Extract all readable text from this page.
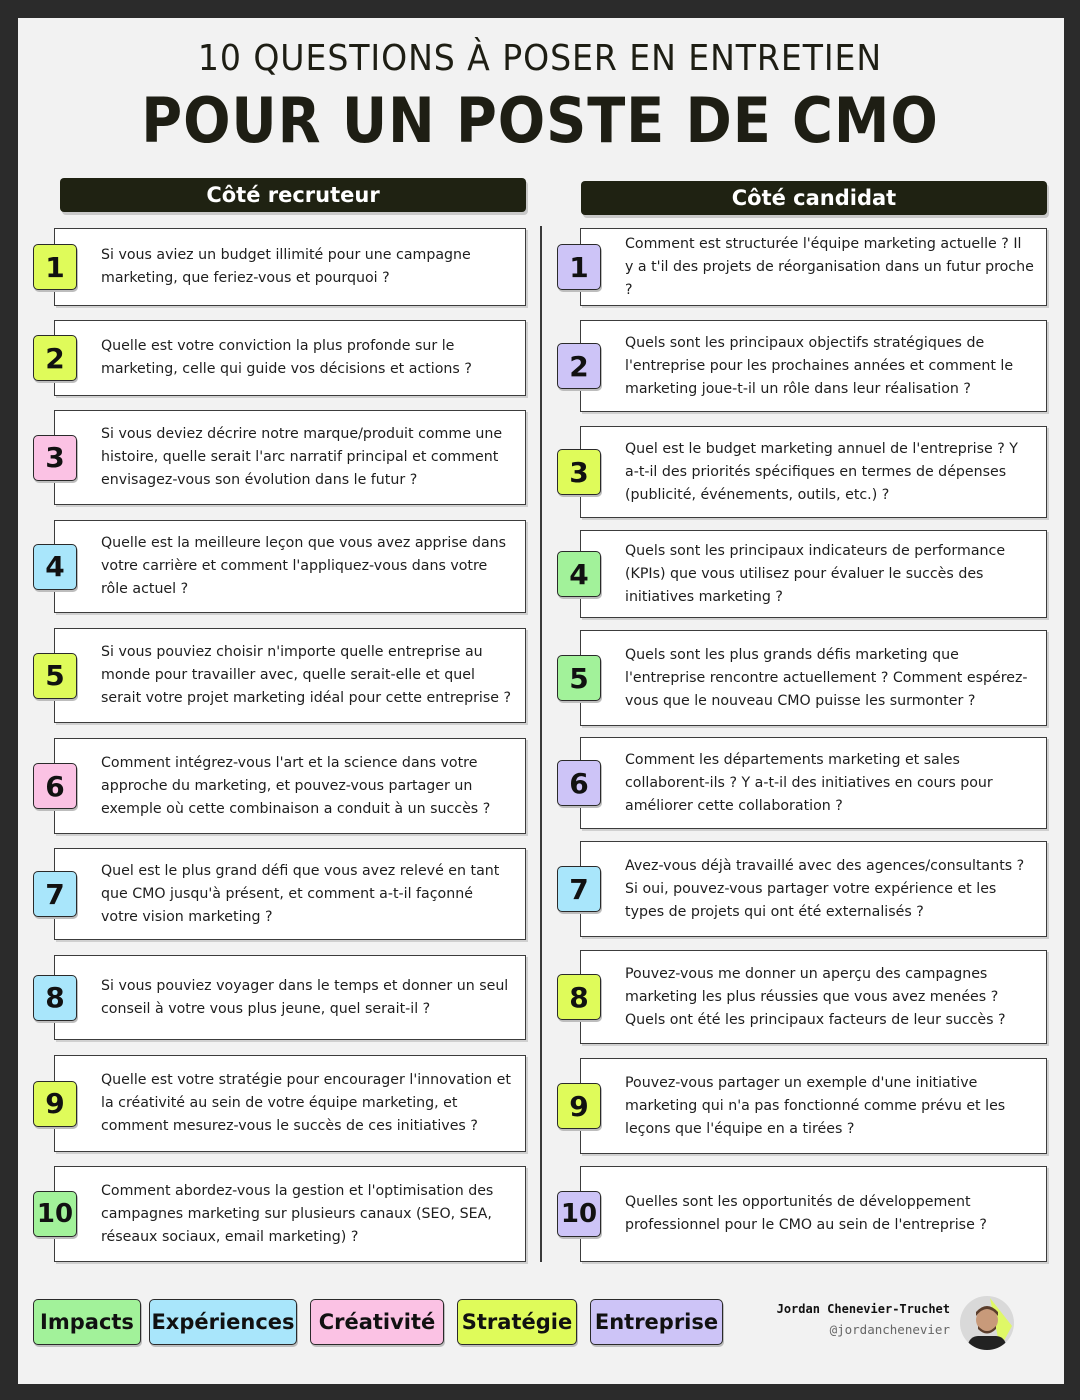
10 QUESTIONS À POSER EN ENTRETIEN
POUR UN POSTE DE CMO
Côté recruteur	Côté candidat
Si vous aviez un budget illimité pour une campagne marketing, que feriez-vous et pourquoi ?
1
Quelle est votre conviction la plus profonde sur le marketing, celle qui guide vos décisions et actions ?
2
Si vous deviez décrire notre marque/produit comme une histoire, quelle serait l'arc narratif principal et comment envisagez-vous son évolution dans le futur ?
3
Quelle est la meilleure leçon que vous avez apprise dans votre carrière et comment l'appliquez-vous dans votre rôle actuel ?
4
Si vous pouviez choisir n'importe quelle entreprise au monde pour travailler avec, quelle serait-elle et quel serait votre projet marketing idéal pour cette entreprise ?
5
Comment intégrez-vous l'art et la science dans votre approche du marketing, et pouvez-vous partager un exemple où cette combinaison a conduit à un succès ?
6
Quel est le plus grand défi que vous avez relevé en tant que CMO jusqu'à présent, et comment a-t-il façonné votre vision marketing ?
7
Si vous pouviez voyager dans le temps et donner un seul conseil à votre vous plus jeune, quel serait-il ?
8
Quelle est votre stratégie pour encourager l'innovation et la créativité au sein de votre équipe marketing, et comment mesurez-vous le succès de ces initiatives ?
9
Comment abordez-vous la gestion et l'optimisation des campagnes marketing sur plusieurs canaux (SEO, SEA, réseaux sociaux, email marketing) ?
10
Comment est structurée l'équipe marketing actuelle ? Il y a t'il des projets de réorganisation dans un futur proche ?
1
Quels sont les principaux objectifs stratégiques de l'entreprise pour les prochaines années et comment le marketing joue-t-il un rôle dans leur réalisation ?
2
Quel est le budget marketing annuel de l'entreprise ? Y a-t-il des priorités spécifiques en termes de dépenses (publicité, événements, outils, etc.) ?
3
Quels sont les principaux indicateurs de performance (KPIs) que vous utilisez pour évaluer le succès des initiatives marketing ?
4
Quels sont les plus grands défis marketing que l'entreprise rencontre actuellement ? Comment espérez-vous que le nouveau CMO puisse les surmonter ?
5
Comment les départements marketing et sales collaborent-ils ? Y a-t-il des initiatives en cours pour améliorer cette collaboration ?
6
Avez-vous déjà travaillé avec des agences/consultants ? Si oui, pouvez-vous partager votre expérience et les types de projets qui ont été externalisés ?
7
Pouvez-vous me donner un aperçu des campagnes marketing les plus réussies que vous avez menées ? Quels ont été les principaux facteurs de leur succès ?
8
Pouvez-vous partager un exemple d'une initiative marketing qui n'a pas fonctionné comme prévu et les leçons que l'équipe en a tirées ?
9
Quelles sont les opportunités de développement professionnel pour le CMO au sein de l'entreprise ?
10
Impacts Expériences	Créativité	Stratégie Entreprise
Jordan Chenevier-Truchet
@jordanchenevier
